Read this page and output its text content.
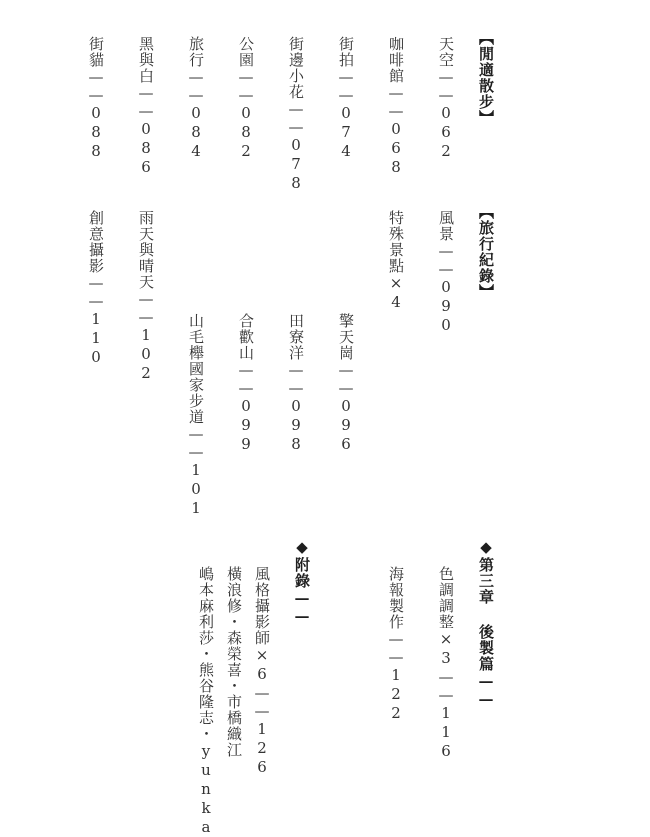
【閒適散步】
天空——062
咖啡館——068
街拍——074
街邊小花——078
公園——082
旅行——084
黑與白——086
街貓——088
【旅行紀錄】
風景——090
特殊景點×4
擎天崗——096
田寮洋——098
合歡山——099
山毛櫸國家步道——101
雨天與晴天——102
創意攝影——110
◆第三章 後製篇——
色調調整×3——116
海報製作——122
◆附錄——
風格攝影師×6——126
橫浪修・森榮喜・市橋織江
嶋本麻利莎・熊谷隆志・yunka
